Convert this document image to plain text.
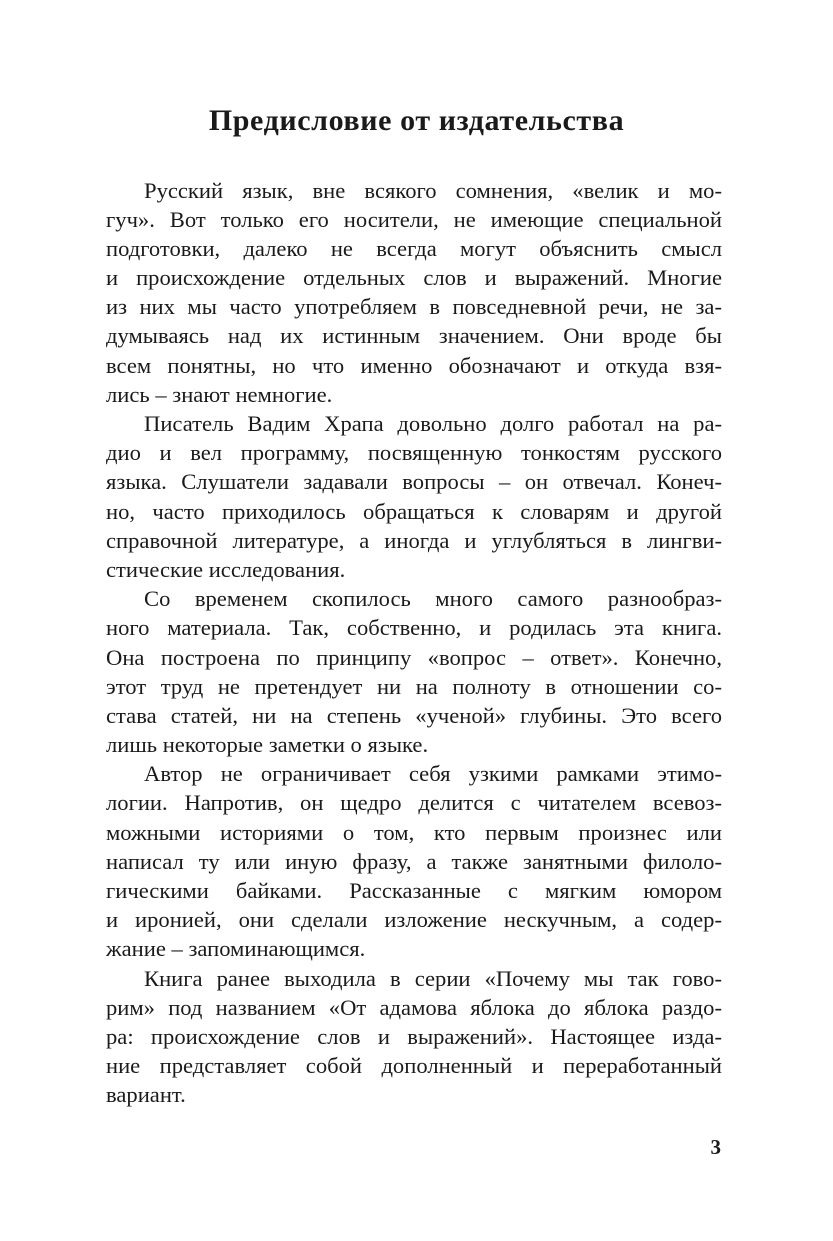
Предисловие от издательства
Русский язык, вне всякого сомнения, «велик и мо-
гуч». Вот только его носители, не имеющие специальной
подготовки, далеко не всегда могут объяснить смысл
и происхождение отдельных слов и выражений. Многие
из них мы часто употребляем в повседневной речи, не за-
думываясь над их истинным значением. Они вроде бы
всем понятны, но что именно обозначают и откуда взя-
лись – знают немногие.
Писатель Вадим Храпа довольно долго работал на ра-
дио и вел программу, посвященную тонкостям русского
языка. Слушатели задавали вопросы – он отвечал. Конеч-
но, часто приходилось обращаться к словарям и другой
справочной литературе, а иногда и углубляться в лингви-
стические исследования.
Со временем скопилось много самого разнообраз-
ного материала. Так, собственно, и родилась эта книга.
Она построена по принципу «вопрос – ответ». Конечно,
этот труд не претендует ни на полноту в отношении со-
става статей, ни на степень «ученой» глубины. Это всего
лишь некоторые заметки о языке.
Автор не ограничивает себя узкими рамками этимо-
логии. Напротив, он щедро делится с читателем всевоз-
можными историями о том, кто первым произнес или
написал ту или иную фразу, а также занятными филоло-
гическими байками. Рассказанные с мягким юмором
и иронией, они сделали изложение нескучным, а содер-
жание – запоминающимся.
Книга ранее выходила в серии «Почему мы так гово-
рим» под названием «От адамова яблока до яблока раздо-
ра: происхождение слов и выражений». Настоящее изда-
ние представляет собой дополненный и переработанный
вариант.
3
